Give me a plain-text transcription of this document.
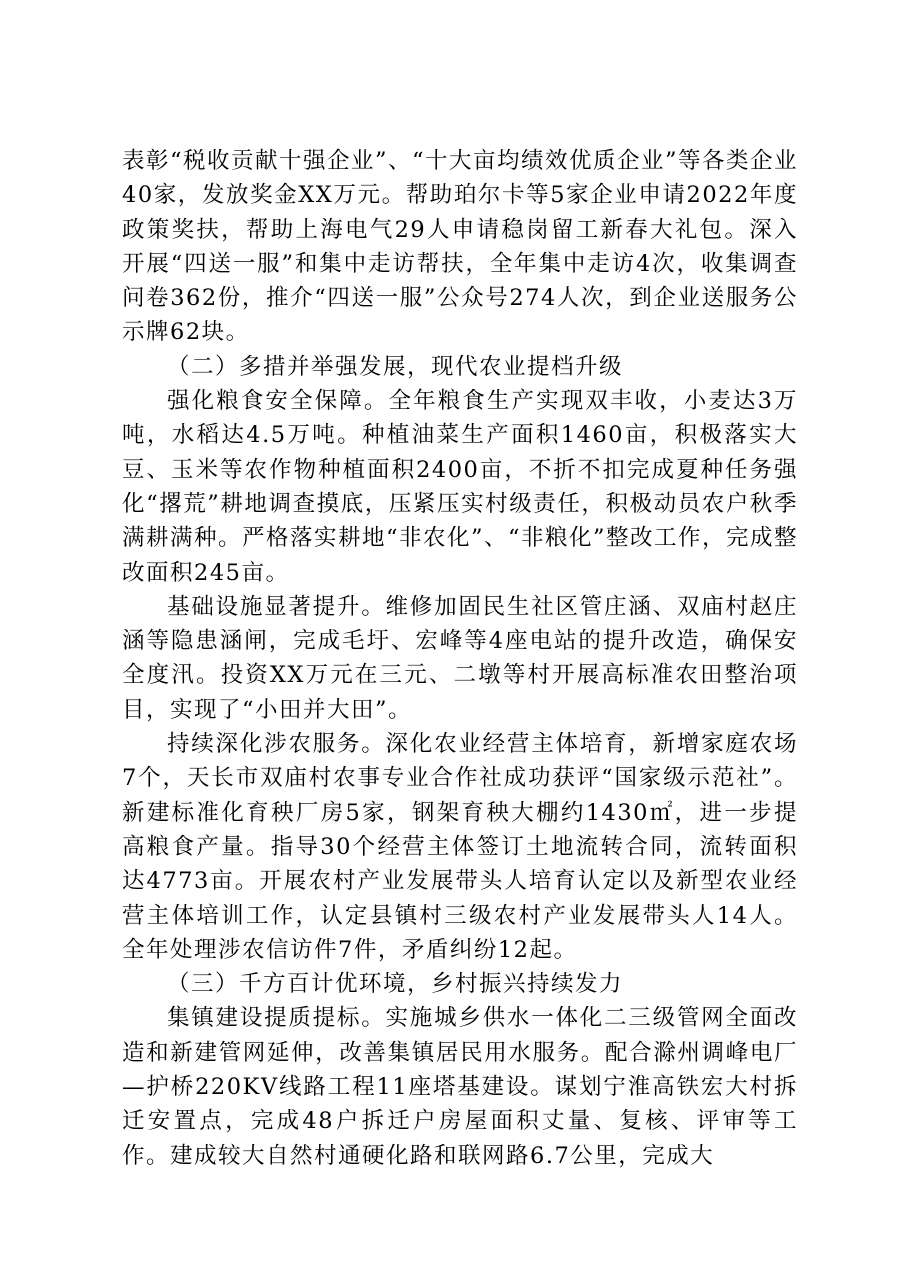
表彰“税收贡献十强企业”、“十大亩均绩效优质企业”等各类企业40家，发放奖金XX万元。帮助珀尔卡等5家企业申请2022年度政策奖扶，帮助上海电气29人申请稳岗留工新春大礼包。深入开展“四送一服”和集中走访帮扶，全年集中走访4次，收集调查问卷362份，推介“四送一服”公众号274人次，到企业送服务公示牌62块。

（二）多措并举强发展，现代农业提档升级

强化粮食安全保障。全年粮食生产实现双丰收，小麦达3万吨，水稻达4.5万吨。种植油菜生产面积1460亩，积极落实大豆、玉米等农作物种植面积2400亩，不折不扣完成夏种任务强化“撂荒”耕地调查摸底，压紧压实村级责任，积极动员农户秋季满耕满种。严格落实耕地“非农化”、“非粮化”整改工作，完成整改面积245亩。

基础设施显著提升。维修加固民生社区管庄涵、双庙村赵庄涵等隐患涵闸，完成毛圩、宏峰等4座电站的提升改造，确保安全度汛。投资XX万元在三元、二墩等村开展高标准农田整治项目，实现了“小田并大田”。

持续深化涉农服务。深化农业经营主体培育，新增家庭农场7个，天长市双庙村农事专业合作社成功获评“国家级示范社”。新建标准化育秧厂房5家，钢架育秧大棚约1430㎡，进一步提高粮食产量。指导30个经营主体签订土地流转合同，流转面积达4773亩。开展农村产业发展带头人培育认定以及新型农业经营主体培训工作，认定县镇村三级农村产业发展带头人14人。全年处理涉农信访件7件，矛盾纠纷12起。

（三）千方百计优环境，乡村振兴持续发力

集镇建设提质提标。实施城乡供水一体化二三级管网全面改造和新建管网延伸，改善集镇居民用水服务。配合滁州调峰电厂—护桥220KV线路工程11座塔基建设。谋划宁淮高铁宏大村拆迁安置点，完成48户拆迁户房屋面积丈量、复核、评审等工作。建成较大自然村通硬化路和联网路6.7公里，完成大
